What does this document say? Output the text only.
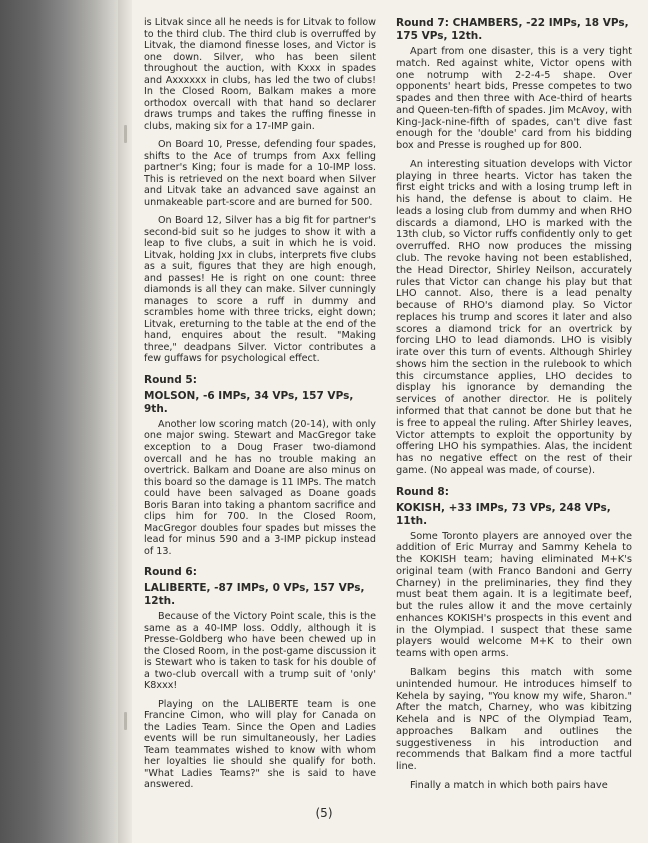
is Litvak since all he needs is for Litvak to follow to the third club. The third club is overruffed by Litvak, the diamond finesse loses, and Victor is one down. Silver, who has been silent throughout the auction, with Kxxx in spades and Axxxxxx in clubs, has led the two of clubs! In the Closed Room, Balkam makes a more orthodox overcall with that hand so declarer draws trumps and takes the ruffing finesse in clubs, making six for a 17-IMP gain.

On Board 10, Presse, defending four spades, shifts to the Ace of trumps from Axx felling partner's King; four is made for a 10-IMP loss. This is retrieved on the next board when Silver and Litvak take an advanced save against an unmakeable part-score and are burned for 500.

On Board 12, Silver has a big fit for partner's second-bid suit so he judges to show it with a leap to five clubs, a suit in which he is void. Litvak, holding Jxx in clubs, interprets five clubs as a suit, figures that they are high enough, and passes! He is right on one count: three diamonds is all they can make. Silver cunningly manages to score a ruff in dummy and scrambles home with three tricks, eight down; Litvak, ereturning to the table at the end of the hand, enquires about the result. "Making three," deadpans Silver. Victor contributes a few guffaws for psychological effect.

Round 5:
MOLSON, -6 IMPs, 34 VPs, 157 VPs, 9th.

Another low scoring match (20-14), with only one major swing. Stewart and MacGregor take exception to a Doug Fraser two-diamond overcall and he has no trouble making an overtrick. Balkam and Doane are also minus on this board so the damage is 11 IMPs. The match could have been salvaged as Doane goads Boris Baran into taking a phantom sacrifice and clips him for 700. In the Closed Room, MacGregor doubles four spades but misses the lead for minus 590 and a 3-IMP pickup instead of 13.

Round 6:
LALIBERTE, -87 IMPs, 0 VPs, 157 VPs, 12th.

Because of the Victory Point scale, this is the same as a 40-IMP loss. Oddly, although it is Presse-Goldberg who have been chewed up in the Closed Room, in the post-game discussion it is Stewart who is taken to task for his double of a two-club overcall with a trump suit of 'only' K8xxx!

Playing on the LALIBERTE team is one Francine Cimon, who will play for Canada on the Ladies Team. Since the Open and Ladies events will be run simultaneously, her Ladies Team teammates wished to know with whom her loyalties lie should she qualify for both. "What Ladies Teams?" she is said to have answered.

Round 7: CHAMBERS, -22 IMPs, 18 VPs, 175 VPs, 12th.

Apart from one disaster, this is a very tight match. Red against white, Victor opens with one notrump with 2-2-4-5 shape. Over opponents' heart bids, Presse competes to two spades and then three with Ace-third of hearts and Queen-ten-fifth of spades. Jim McAvoy, with King-Jack-nine-fifth of spades, can't dive fast enough for the 'double' card from his bidding box and Presse is roughed up for 800.

An interesting situation develops with Victor playing in three hearts. Victor has taken the first eight tricks and with a losing trump left in his hand, the defense is about to claim. He leads a losing club from dummy and when RHO discards a diamond, LHO is marked with the 13th club, so Victor ruffs confidently only to get overruffed. RHO now produces the missing club. The revoke having not been established, the Head Director, Shirley Neilson, accurately rules that Victor can change his play but that LHO cannot. Also, there is a lead penalty because of RHO's diamond play. So Victor replaces his trump and scores it later and also scores a diamond trick for an overtrick by forcing LHO to lead diamonds. LHO is visibly irate over this turn of events. Although Shirley shows him the section in the rulebook to which this circumstance applies, LHO decides to display his ignorance by demanding the services of another director. He is politely informed that that cannot be done but that he is free to appeal the ruling. After Shirley leaves, Victor attempts to exploit the opportunity by offering LHO his sympathies. Alas, the incident has no negative effect on the rest of their game. (No appeal was made, of course).

Round 8:
KOKISH, +33 IMPs, 73 VPs, 248 VPs, 11th.

Some Toronto players are annoyed over the addition of Eric Murray and Sammy Kehela to the KOKISH team; having eliminated M+K's original team (with Franco Bandoni and Gerry Charney) in the preliminaries, they find they must beat them again. It is a legitimate beef, but the rules allow it and the move certainly enhances KOKISH's prospects in this event and in the Olympiad. I suspect that these same players would welcome M+K to their own teams with open arms.

Balkam begins this match with some unintended humour. He introduces himself to Kehela by saying, "You know my wife, Sharon." After the match, Charney, who was kibitzing Kehela and is NPC of the Olympiad Team, approaches Balkam and outlines the suggestiveness in his introduction and recommends that Balkam find a more tactful line.

Finally a match in which both pairs have

(5)
